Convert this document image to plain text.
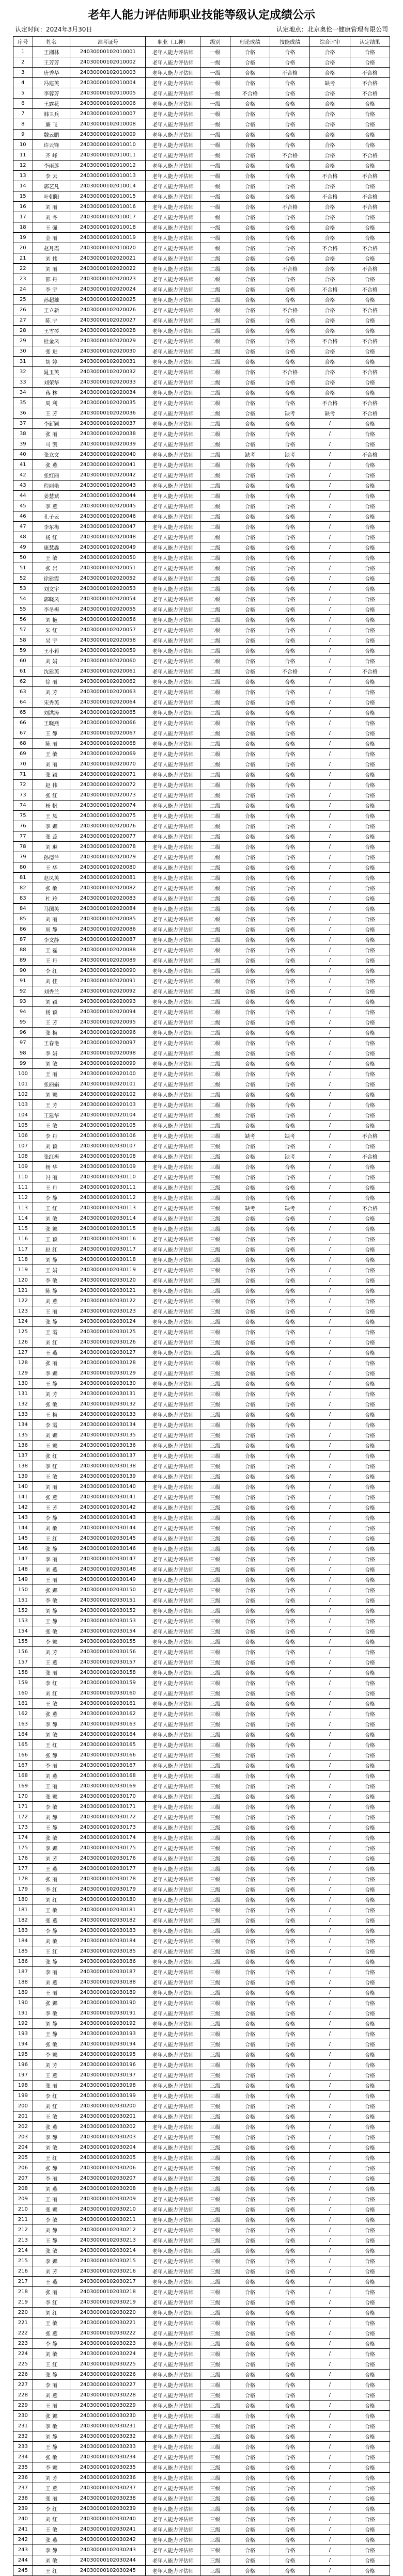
老年人能力评估师职业技能等级认定成绩公示
认定时间：2024年3月30日	认定地点：北京奥伦一健康管理有限公司
序号	姓名	准考证号	职业（工种）	级别	理论成绩	技能成绩	综合评审	认定结果
1	王湘林	24030000102010001	老年人能力评估师	一级	合格	合格	合格	合格
2	王芳芳	24030000102010002	老年人能力评估师	一级	合格	合格	合格	合格
3	唐秀华	24030000102010003	老年人能力评估师	一级	合格	不合格	合格	不合格
4	冯建英	24030000102010004	老年人能力评估师	一级	合格	合格	缺考	不合格
5	李蓉芳	24030000102010005	老年人能力评估师	一级	不合格	合格	合格	不合格
6	王露花	24030000102010006	老年人能力评估师	一级	合格	合格	合格	合格
7	韩卫兵	24030000102010007	老年人能力评估师	一级	合格	合格	合格	合格
8	廉 飞	24030000102010008	老年人能力评估师	一级	合格	合格	合格	合格
9	魏云鹏	24030000102010009	老年人能力评估师	一级	合格	合格	合格	合格
10	许云锋	24030000102010010	老年人能力评估师	一级	合格	合格	合格	合格
11	齐 峰	24030000102010011	老年人能力评估师	一级	合格	不合格	合格	不合格
12	李雨莲	24030000102010012	老年人能力评估师	一级	合格	合格	合格	合格
13	李 云	24030000102010013	老年人能力评估师	一级	合格	合格	不合格	不合格
14	郭艺凡	24030000102010014	老年人能力评估师	一级	合格	合格	合格	合格
15	叶朝阳	24030000102010015	老年人能力评估师	一级	合格	合格	不合格	不合格
16	刘 丽	24030000102010016	老年人能力评估师	一级	合格	不合格	合格	不合格
17	刘 冬	24030000102010017	老年人能力评估师	一级	合格	合格	合格	合格
18	王 强	24030000102010018	老年人能力评估师	一级	合格	合格	合格	合格
19	金 丽	24030000102010019	老年人能力评估师	一级	合格	合格	合格	合格
20	赵月霞	24030000102010020	老年人能力评估师	一级	合格	合格	不合格	不合格
21	刘 伟	24030000102020021	老年人能力评估师	二级	合格	合格	合格	合格
22	刘 丽	24030000102020022	老年人能力评估师	二级	合格	不合格	合格	不合格
23	邵 丹	24030000102020023	老年人能力评估师	二级	合格	合格	合格	合格
24	李 宇	24030000102020024	老年人能力评估师	二级	合格	合格	不合格	不合格
25	孙超雄	24030000102020025	老年人能力评估师	二级	合格	合格	合格	合格
26	王立新	24030000102020026	老年人能力评估师	二级	合格	不合格	合格	不合格
27	陈 宁	24030000102020027	老年人能力评估师	二级	合格	合格	合格	合格
28	王雪琴	24030000102020028	老年人能力评估师	二级	合格	合格	合格	合格
29	杜金凤	24030000102020029	老年人能力评估师	二级	合格	合格	不合格	不合格
30	张 进	24030000102020030	老年人能力评估师	二级	合格	合格	合格	合格
31	胡 婷	24030000102020031	老年人能力评估师	二级	合格	合格	合格	合格
32	晁玉英	24030000102020032	老年人能力评估师	二级	合格	不合格	合格	不合格
33	刘荣华	24030000102020033	老年人能力评估师	二级	合格	合格	合格	合格
34	蒋 林	24030000102020034	老年人能力评估师	二级	合格	合格	合格	合格
35	周 利	24030000102020035	老年人能力评估师	二级	合格	合格	不合格	不合格
36	王 芳	24030000102020036	老年人能力评估师	二级	合格	缺考	缺考	不合格
37	李新颖	24030000102020037	老年人能力评估师	二级	合格	合格	/	合格
38	张 丽	24030000102020038	老年人能力评估师	二级	合格	合格	/	合格
39	马 凯	24030000102020039	老年人能力评估师	二级	合格	合格	/	合格
40	张立文	24030000102020040	老年人能力评估师	二级	缺考	缺考	/	不合格
41	张 燕	24030000102020041	老年人能力评估师	二级	合格	合格	/	合格
42	张红丽	24030000102020042	老年人能力评估师	二级	合格	合格	/	合格
43	程丽艳	24030000102020043	老年人能力评估师	二级	合格	合格	/	合格
44	姜慧斌	24030000102020044	老年人能力评估师	二级	合格	合格	/	合格
45	李 燕	24030000102020045	老年人能力评估师	二级	合格	合格	/	合格
46	孔子云	24030000102020046	老年人能力评估师	二级	合格	合格	/	合格
47	李东梅	24030000102020047	老年人能力评估师	二级	合格	合格	/	合格
48	杨 红	24030000102020048	老年人能力评估师	二级	合格	合格	/	合格
49	康慧鑫	24030000102020049	老年人能力评估师	二级	合格	合格	/	合格
50	王 敏	24030000102020050	老年人能力评估师	二级	合格	合格	/	合格
51	张 岩	24030000102020051	老年人能力评估师	二级	合格	合格	/	合格
52	徐建霞	24030000102020052	老年人能力评估师	二级	合格	合格	/	合格
53	刘文宇	24030000102020053	老年人能力评估师	二级	合格	合格	/	合格
54	郭晓凤	24030000102020054	老年人能力评估师	二级	合格	合格	/	合格
55	李冬梅	24030000102020055	老年人能力评估师	二级	合格	合格	/	合格
56	刘 艳	24030000102020056	老年人能力评估师	二级	合格	合格	/	合格
57	朱 红	24030000102020057	老年人能力评估师	二级	合格	合格	/	合格
58	吴 宇	24030000102020058	老年人能力评估师	二级	合格	合格	/	合格
59	王小莉	24030000102020059	老年人能力评估师	二级	合格	合格	/	合格
60	刘 娟	24030000102020060	老年人能力评估师	二级	合格	合格	/	合格
61	沈建英	24030000102020061	老年人能力评估师	二级	合格	不合格	/	不合格
62	徐 丽	24030000102020062	老年人能力评估师	二级	合格	合格	/	合格
63	刘 芳	24030000102020063	老年人能力评估师	二级	合格	合格	/	合格
64	宋秀英	24030000102020064	老年人能力评估师	二级	合格	合格	/	合格
65	刘洪涛	24030000102020065	老年人能力评估师	二级	合格	合格	/	合格
66	王晓燕	24030000102020066	老年人能力评估师	二级	合格	合格	/	合格
67	王 静	24030000102020067	老年人能力评估师	二级	合格	合格	/	合格
68	陈 丽	24030000102020068	老年人能力评估师	二级	合格	合格	/	合格
69	王 敏	24030000102020069	老年人能力评估师	二级	合格	合格	/	合格
70	刘 丽	24030000102020070	老年人能力评估师	二级	合格	合格	/	合格
71	张 颖	24030000102020071	老年人能力评估师	二级	合格	合格	/	合格
72	赵 伟	24030000102020072	老年人能力评估师	二级	合格	合格	/	合格
73	张 红	24030000102020073	老年人能力评估师	二级	合格	合格	/	合格
74	杨 帆	24030000102020074	老年人能力评估师	二级	合格	合格	/	合格
75	王 凤	24030000102020075	老年人能力评估师	二级	合格	合格	/	合格
76	李 娜	24030000102020076	老年人能力评估师	二级	合格	合格	/	合格
77	张 蕊	24030000102020077	老年人能力评估师	二级	合格	合格	/	合格
78	刘 琳	24030000102020078	老年人能力评估师	二级	合格	合格	/	合格
79	孙德兰	24030000102020079	老年人能力评估师	二级	合格	合格	/	合格
80	王 华	24030000102020080	老年人能力评估师	二级	合格	合格	/	合格
81	赵凤英	24030000102020081	老年人能力评估师	二级	合格	合格	/	合格
82	张 敏	24030000102020082	老年人能力评估师	二级	合格	合格	/	合格
83	杜 玲	24030000102020083	老年人能力评估师	二级	合格	合格	/	合格
84	马国英	24030000102020084	老年人能力评估师	二级	合格	合格	/	合格
85	刘 丽	24030000102020085	老年人能力评估师	二级	合格	合格	/	合格
86	周 静	24030000102020086	老年人能力评估师	二级	合格	合格	/	合格
87	李文静	24030000102020087	老年人能力评估师	二级	合格	合格	/	合格
88	王 磊	24030000102020088	老年人能力评估师	二级	合格	合格	/	合格
89	王 丹	24030000102020089	老年人能力评估师	二级	合格	合格	/	合格
90	李 红	24030000102020090	老年人能力评估师	二级	合格	合格	/	合格
91	刘 佳	24030000102020091	老年人能力评估师	二级	合格	合格	/	合格
92	刘秀兰	24030000102020092	老年人能力评估师	二级	合格	合格	/	合格
93	刘 颖	24030000102020093	老年人能力评估师	二级	合格	合格	/	合格
94	杨 颖	24030000102020094	老年人能力评估师	二级	合格	合格	/	合格
95	王 芳	24030000102020095	老年人能力评估师	二级	合格	合格	/	合格
96	张 梅	24030000102020096	老年人能力评估师	二级	合格	合格	/	合格
97	王春艳	24030000102020097	老年人能力评估师	二级	合格	合格	/	合格
98	李 娟	24030000102020098	老年人能力评估师	二级	合格	合格	/	合格
99	刘 敏	24030000102020099	老年人能力评估师	二级	合格	合格	/	合格
100	王 丽	24030000102020100	老年人能力评估师	二级	合格	合格	/	合格
101	张丽娟	24030000102020101	老年人能力评估师	二级	合格	合格	/	合格
102	刘 娜	24030000102020102	老年人能力评估师	二级	合格	合格	/	合格
103	王 芳	24030000102020103	老年人能力评估师	二级	合格	合格	/	合格
104	王建华	24030000102020104	老年人能力评估师	二级	合格	合格	/	合格
105	王 敏	24030000102020105	老年人能力评估师	二级	合格	合格	/	合格
106	李 丹	24030000102030106	老年人能力评估师	三级	缺考	缺考	/	不合格
107	刘 颖	24030000102030107	老年人能力评估师	三级	合格	合格	/	合格
108	张红梅	24030000102030108	老年人能力评估师	三级	合格	缺考	/	不合格
109	杨 华	24030000102030109	老年人能力评估师	三级	合格	合格	/	合格
110	冯 丽	24030000102030110	老年人能力评估师	三级	合格	合格	/	合格
111	王 丹	24030000102030111	老年人能力评估师	三级	合格	合格	/	合格
112	李 静	24030000102030112	老年人能力评估师	三级	合格	合格	/	合格
113	王 红	24030000102030113	老年人能力评估师	三级	缺考	缺考	/	不合格
114	刘 敏	24030000102030114	老年人能力评估师	三级	合格	合格	/	合格
115	张 娜	24030000102030115	老年人能力评估师	三级	合格	合格	/	合格
116	王 颖	24030000102030116	老年人能力评估师	三级	合格	合格	/	合格
117	赵 红	24030000102030117	老年人能力评估师	三级	合格	合格	/	合格
118	刘 静	24030000102030118	老年人能力评估师	三级	合格	合格	/	合格
119	王 娟	24030000102030119	老年人能力评估师	三级	合格	合格	/	合格
120	李 敏	24030000102030120	老年人能力评估师	三级	合格	合格	/	合格
121	陈 静	24030000102030121	老年人能力评估师	三级	合格	合格	/	合格
122	刘 燕	24030000102030122	老年人能力评估师	三级	合格	合格	/	合格
123	王 丽	24030000102030123	老年人能力评估师	三级	合格	合格	/	合格
124	张 静	24030000102030124	老年人能力评估师	三级	合格	合格	/	合格
125	王 霞	24030000102030125	老年人能力评估师	三级	合格	合格	/	合格
126	刘 红	24030000102030126	老年人能力评估师	三级	合格	合格	/	合格
127	王 燕	24030000102030127	老年人能力评估师	三级	合格	合格	/	合格
128	张 丽	24030000102030128	老年人能力评估师	三级	合格	合格	/	合格
129	李 娜	24030000102030129	老年人能力评估师	三级	合格	合格	/	合格
130	王 静	24030000102030130	老年人能力评估师	三级	合格	合格	/	合格
131	刘 芳	24030000102030131	老年人能力评估师	三级	合格	合格	/	合格
132	张 敏	24030000102030132	老年人能力评估师	三级	合格	合格	/	合格
133	王 梅	24030000102030133	老年人能力评估师	三级	合格	合格	/	合格
134	李 霞	24030000102030134	老年人能力评估师	三级	合格	合格	/	合格
135	刘 娜	24030000102030135	老年人能力评估师	三级	合格	合格	/	合格
136	王 娜	24030000102030136	老年人能力评估师	三级	合格	合格	/	合格
137	张 红	24030000102030137	老年人能力评估师	三级	合格	合格	/	合格
138	李 红	24030000102030138	老年人能力评估师	三级	合格	合格	/	合格
139	王 敏	24030000102030139	老年人能力评估师	三级	合格	合格	/	合格
140	刘 丽	24030000102030140	老年人能力评估师	三级	合格	合格	/	合格
141	张 燕	24030000102030141	老年人能力评估师	三级	合格	合格	/	合格
142	王 芳	24030000102030142	老年人能力评估师	三级	合格	合格	/	合格
143	李 静	24030000102030143	老年人能力评估师	三级	合格	合格	/	合格
144	刘 敏	24030000102030144	老年人能力评估师	三级	合格	合格	/	合格
145	王 红	24030000102030145	老年人能力评估师	三级	合格	合格	/	合格
146	张 静	24030000102030146	老年人能力评估师	三级	合格	合格	/	合格
147	李 丽	24030000102030147	老年人能力评估师	三级	合格	合格	/	合格
148	刘 燕	24030000102030148	老年人能力评估师	三级	合格	合格	/	合格
149	王 丽	24030000102030149	老年人能力评估师	三级	合格	合格	/	合格
150	张 娜	24030000102030150	老年人能力评估师	三级	合格	合格	/	合格
151	李 敏	24030000102030151	老年人能力评估师	三级	合格	合格	/	合格
152	刘 静	24030000102030152	老年人能力评估师	三级	合格	合格	/	合格
153	王 静	24030000102030153	老年人能力评估师	三级	合格	合格	/	合格
154	张 敏	24030000102030154	老年人能力评估师	三级	合格	合格	/	合格
155	李 娜	24030000102030155	老年人能力评估师	三级	合格	合格	/	合格
156	刘 芳	24030000102030156	老年人能力评估师	三级	合格	合格	/	合格
157	王 燕	24030000102030157	老年人能力评估师	三级	合格	合格	/	合格
158	张 丽	24030000102030158	老年人能力评估师	三级	合格	合格	/	合格
159	李 红	24030000102030159	老年人能力评估师	三级	合格	合格	/	合格
160	刘 红	24030000102030160	老年人能力评估师	三级	合格	合格	/	合格
161	王 敏	24030000102030161	老年人能力评估师	三级	合格	合格	/	合格
162	张 燕	24030000102030162	老年人能力评估师	三级	合格	合格	/	合格
163	李 静	24030000102030163	老年人能力评估师	三级	合格	合格	/	合格
164	刘 敏	24030000102030164	老年人能力评估师	三级	合格	合格	/	合格
165	王 红	24030000102030165	老年人能力评估师	三级	合格	合格	/	合格
166	张 静	24030000102030166	老年人能力评估师	三级	合格	合格	/	合格
167	李 丽	24030000102030167	老年人能力评估师	三级	合格	合格	/	合格
168	刘 燕	24030000102030168	老年人能力评估师	三级	合格	合格	/	合格
169	王 丽	24030000102030169	老年人能力评估师	三级	合格	合格	/	合格
170	张 娜	24030000102030170	老年人能力评估师	三级	合格	合格	/	合格
171	李 敏	24030000102030171	老年人能力评估师	三级	合格	合格	/	合格
172	刘 静	24030000102030172	老年人能力评估师	三级	合格	合格	/	合格
173	王 静	24030000102030173	老年人能力评估师	三级	合格	合格	/	合格
174	张 敏	24030000102030174	老年人能力评估师	三级	合格	合格	/	合格
175	李 娜	24030000102030175	老年人能力评估师	三级	合格	合格	/	合格
176	刘 芳	24030000102030176	老年人能力评估师	三级	合格	合格	/	合格
177	王 燕	24030000102030177	老年人能力评估师	三级	合格	合格	/	合格
178	张 丽	24030000102030178	老年人能力评估师	三级	合格	合格	/	合格
179	李 红	24030000102030179	老年人能力评估师	三级	合格	合格	/	合格
180	刘 红	24030000102030180	老年人能力评估师	三级	合格	合格	/	合格
181	王 敏	24030000102030181	老年人能力评估师	三级	合格	合格	/	合格
182	张 燕	24030000102030182	老年人能力评估师	三级	合格	合格	/	合格
183	李 静	24030000102030183	老年人能力评估师	三级	合格	合格	/	合格
184	刘 敏	24030000102030184	老年人能力评估师	三级	合格	合格	/	合格
185	王 红	24030000102030185	老年人能力评估师	三级	合格	合格	/	合格
186	张 静	24030000102030186	老年人能力评估师	三级	合格	合格	/	合格
187	李 丽	24030000102030187	老年人能力评估师	三级	合格	合格	/	合格
188	刘 燕	24030000102030188	老年人能力评估师	三级	合格	合格	/	合格
189	王 丽	24030000102030189	老年人能力评估师	三级	合格	合格	/	合格
190	张 娜	24030000102030190	老年人能力评估师	三级	合格	合格	/	合格
191	李 敏	24030000102030191	老年人能力评估师	三级	合格	合格	/	合格
192	刘 静	24030000102030192	老年人能力评估师	三级	合格	合格	/	合格
193	王 静	24030000102030193	老年人能力评估师	三级	合格	合格	/	合格
194	张 敏	24030000102030194	老年人能力评估师	三级	合格	合格	/	合格
195	李 娜	24030000102030195	老年人能力评估师	三级	合格	合格	/	合格
196	刘 芳	24030000102030196	老年人能力评估师	三级	合格	合格	/	合格
197	王 燕	24030000102030197	老年人能力评估师	三级	合格	合格	/	合格
198	张 丽	24030000102030198	老年人能力评估师	三级	合格	合格	/	合格
199	李 红	24030000102030199	老年人能力评估师	三级	合格	合格	/	合格
200	刘 红	24030000102030200	老年人能力评估师	三级	合格	合格	/	合格
201	王 敏	24030000102030201	老年人能力评估师	三级	合格	合格	/	合格
202	张 燕	24030000102030202	老年人能力评估师	三级	合格	合格	/	合格
203	李 静	24030000102030203	老年人能力评估师	三级	合格	合格	/	合格
204	刘 敏	24030000102030204	老年人能力评估师	三级	合格	合格	/	合格
205	王 红	24030000102030205	老年人能力评估师	三级	合格	合格	/	合格
206	张 静	24030000102030206	老年人能力评估师	三级	合格	合格	/	合格
207	李 丽	24030000102030207	老年人能力评估师	三级	合格	合格	/	合格
208	刘 燕	24030000102030208	老年人能力评估师	三级	合格	合格	/	合格
209	王 丽	24030000102030209	老年人能力评估师	三级	合格	合格	/	合格
210	张 娜	24030000102030210	老年人能力评估师	三级	合格	合格	/	合格
211	李 敏	24030000102030211	老年人能力评估师	三级	合格	合格	/	合格
212	刘 静	24030000102030212	老年人能力评估师	三级	合格	合格	/	合格
213	王 静	24030000102030213	老年人能力评估师	三级	合格	合格	/	合格
214	张 敏	24030000102030214	老年人能力评估师	三级	合格	合格	/	合格
215	李 娜	24030000102030215	老年人能力评估师	三级	合格	合格	/	合格
216	刘 芳	24030000102030216	老年人能力评估师	三级	合格	合格	/	合格
217	王 燕	24030000102030217	老年人能力评估师	三级	合格	合格	/	合格
218	张 丽	24030000102030218	老年人能力评估师	三级	合格	合格	/	合格
219	李 红	24030000102030219	老年人能力评估师	三级	合格	合格	/	合格
220	刘 红	24030000102030220	老年人能力评估师	三级	合格	合格	/	合格
221	王 敏	24030000102030221	老年人能力评估师	三级	合格	合格	/	合格
222	张 燕	24030000102030222	老年人能力评估师	三级	合格	合格	/	合格
223	李 静	24030000102030223	老年人能力评估师	三级	合格	合格	/	合格
224	刘 敏	24030000102030224	老年人能力评估师	三级	合格	合格	/	合格
225	王 红	24030000102030225	老年人能力评估师	三级	合格	合格	/	合格
226	张 静	24030000102030226	老年人能力评估师	三级	合格	合格	/	合格
227	李 丽	24030000102030227	老年人能力评估师	三级	合格	合格	/	合格
228	刘 燕	24030000102030228	老年人能力评估师	三级	合格	合格	/	合格
229	王 丽	24030000102030229	老年人能力评估师	三级	合格	合格	/	合格
230	张 娜	24030000102030230	老年人能力评估师	三级	合格	合格	/	合格
231	李 敏	24030000102030231	老年人能力评估师	三级	合格	合格	/	合格
232	刘 静	24030000102030232	老年人能力评估师	三级	合格	合格	/	合格
233	王 静	24030000102030233	老年人能力评估师	三级	合格	合格	/	合格
234	张 敏	24030000102030234	老年人能力评估师	三级	合格	合格	/	合格
235	李 娜	24030000102030235	老年人能力评估师	三级	合格	合格	/	合格
236	刘 芳	24030000102030236	老年人能力评估师	三级	合格	合格	/	合格
237	王 燕	24030000102030237	老年人能力评估师	三级	合格	合格	/	合格
238	张 丽	24030000102030238	老年人能力评估师	三级	合格	合格	/	合格
239	李 红	24030000102030239	老年人能力评估师	三级	合格	合格	/	合格
240	刘 红	24030000102030240	老年人能力评估师	三级	合格	合格	/	合格
241	王 敏	24030000102030241	老年人能力评估师	三级	合格	合格	/	合格
242	张 燕	24030000102030242	老年人能力评估师	三级	合格	合格	/	合格
243	李 静	24030000102030243	老年人能力评估师	三级	合格	合格	/	合格
244	刘 敏	24030000102030244	老年人能力评估师	三级	合格	合格	/	合格
245	王 红	24030000102030245	老年人能力评估师	三级	合格	合格	/	合格
